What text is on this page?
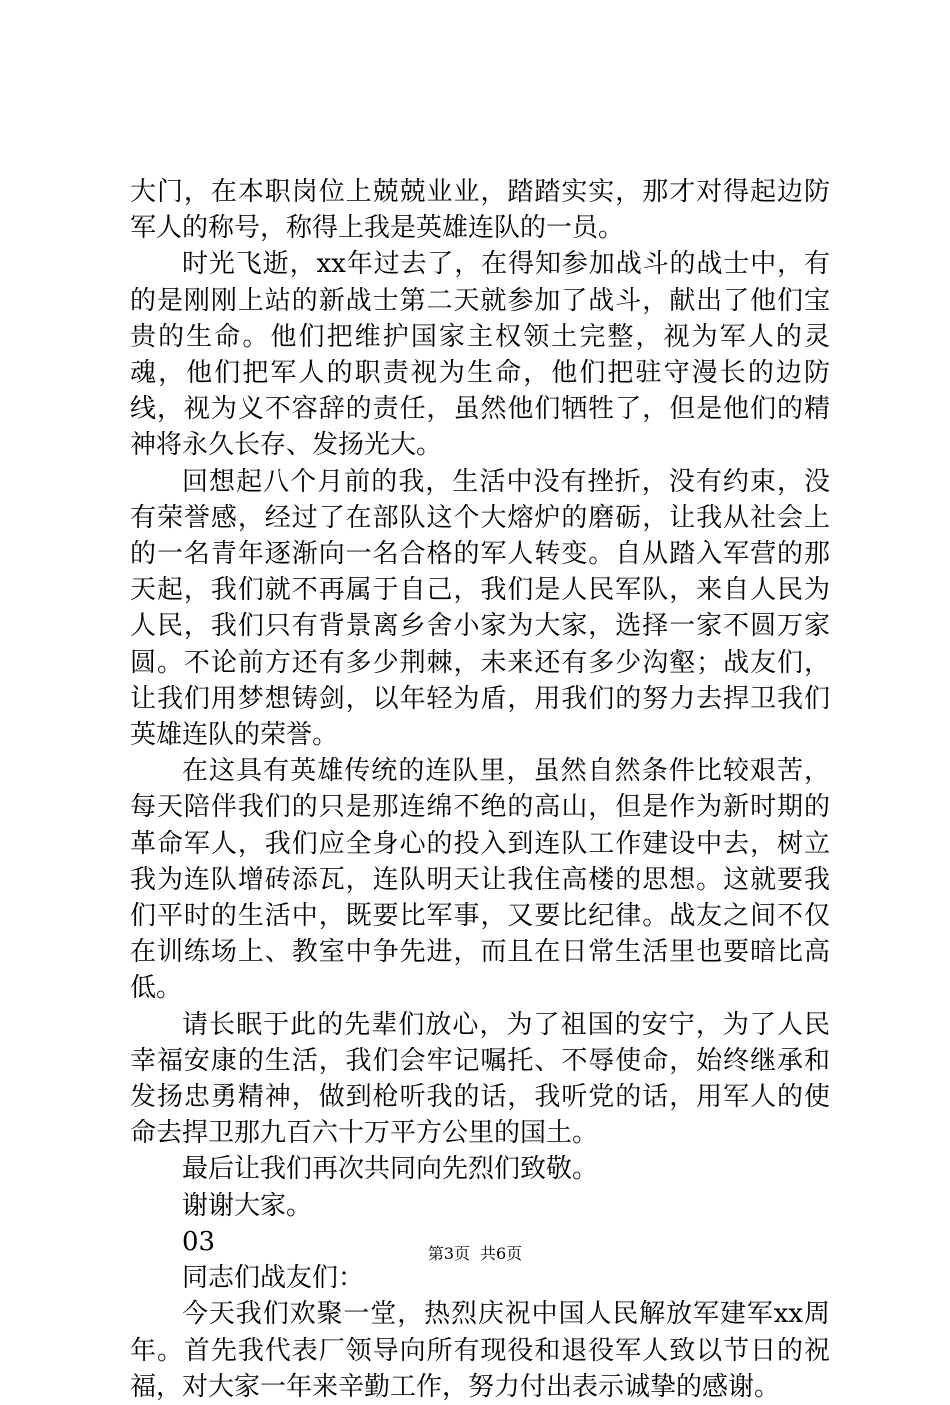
大门，在本职岗位上兢兢业业，踏踏实实，那才对得起边防军人的称号，称得上我是英雄连队的一员。

时光飞逝，xx年过去了，在得知参加战斗的战士中，有的是刚刚上站的新战士第二天就参加了战斗，献出了他们宝贵的生命。他们把维护国家主权领土完整，视为军人的灵魂，他们把军人的职责视为生命，他们把驻守漫长的边防线，视为义不容辞的责任，虽然他们牺牲了，但是他们的精神将永久长存、发扬光大。

回想起八个月前的我，生活中没有挫折，没有约束，没有荣誉感，经过了在部队这个大熔炉的磨砺，让我从社会上的一名青年逐渐向一名合格的军人转变。自从踏入军营的那天起，我们就不再属于自己，我们是人民军队，来自人民为人民，我们只有背景离乡舍小家为大家，选择一家不圆万家圆。不论前方还有多少荆棘，未来还有多少沟壑；战友们，让我们用梦想铸剑，以年轻为盾，用我们的努力去捍卫我们英雄连队的荣誉。

在这具有英雄传统的连队里，虽然自然条件比较艰苦，每天陪伴我们的只是那连绵不绝的高山，但是作为新时期的革命军人，我们应全身心的投入到连队工作建设中去，树立我为连队增砖添瓦，连队明天让我住高楼的思想。这就要我们平时的生活中，既要比军事，又要比纪律。战友之间不仅在训练场上、教室中争先进，而且在日常生活里也要暗比高低。

请长眠于此的先辈们放心，为了祖国的安宁，为了人民幸福安康的生活，我们会牢记嘱托、不辱使命，始终继承和发扬忠勇精神，做到枪听我的话，我听党的话，用军人的使命去捍卫那九百六十万平方公里的国土。

最后让我们再次共同向先烈们致敬。

谢谢大家。

03

同志们战友们：

今天我们欢聚一堂，热烈庆祝中国人民解放军建军xx周年。首先我代表厂领导向所有现役和退役军人致以节日的祝福，对大家一年来辛勤工作，努力付出表示诚挚的感谢。

第3页 共6页
